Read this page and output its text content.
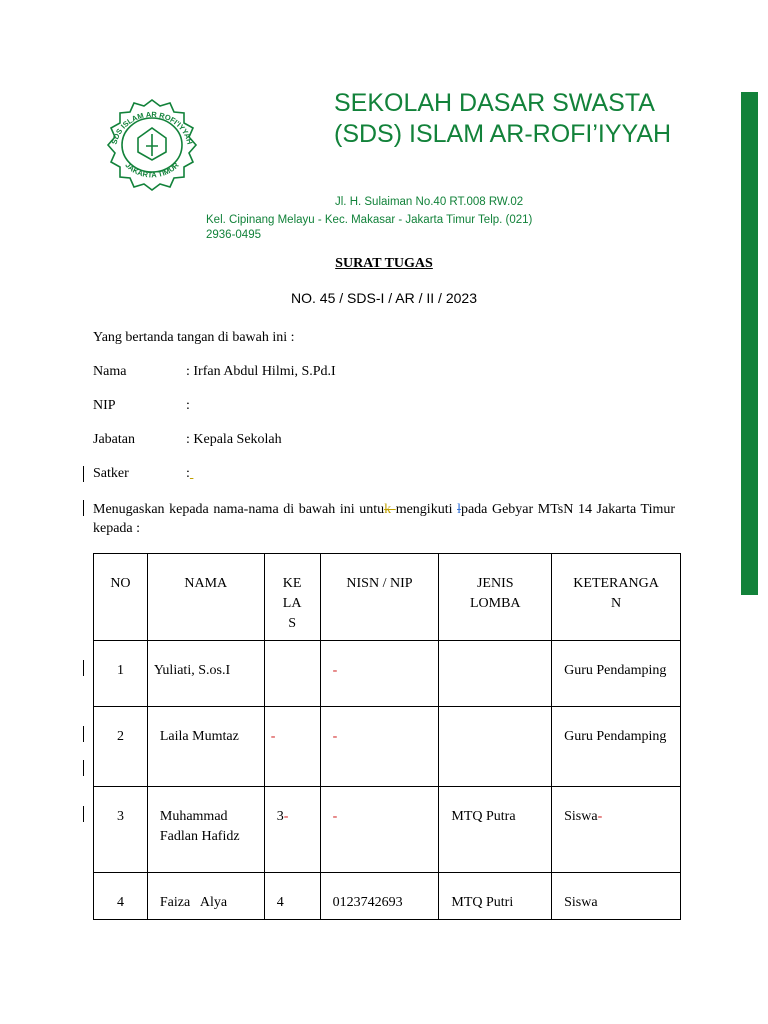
SDS ISLAM AR ROFI'IYYAH
JAKARTA TIMUR
SEKOLAH DASAR SWASTA (SDS) ISLAM AR-ROFI’IYYAH
Jl. H. Sulaiman No.40 RT.008 RW.02
Kel. Cipinang Melayu - Kec. Makasar - Jakarta Timur Telp. (021) 2936-0495
SURAT TUGAS
NO. 45 / SDS-I / AR / II / 2023
Yang bertanda tangan di bawah ini :
Nama	: Irfan Abdul Hilmi, S.Pd.I
NIP	:
Jabatan	: Kepala Sekolah
Satker	:

Menugaskan kepada nama-nama di bawah ini untuk mengikuti lpada Gebyar MTsN 14 Jakarta Timur kepada :

NO	NAMA	KE LA S	NISN / NIP	JENIS LOMBA	KETERANGA N
1	Yuliati, S.os.I		-		Guru Pendamping
2	Laila Mumtaz	-	-		Guru Pendamping
3	Muhammad Fadlan Hafidz	3-	-	MTQ Putra	Siswa-
4	Faiza   Alya	4	0123742693	MTQ Putri	Siswa
